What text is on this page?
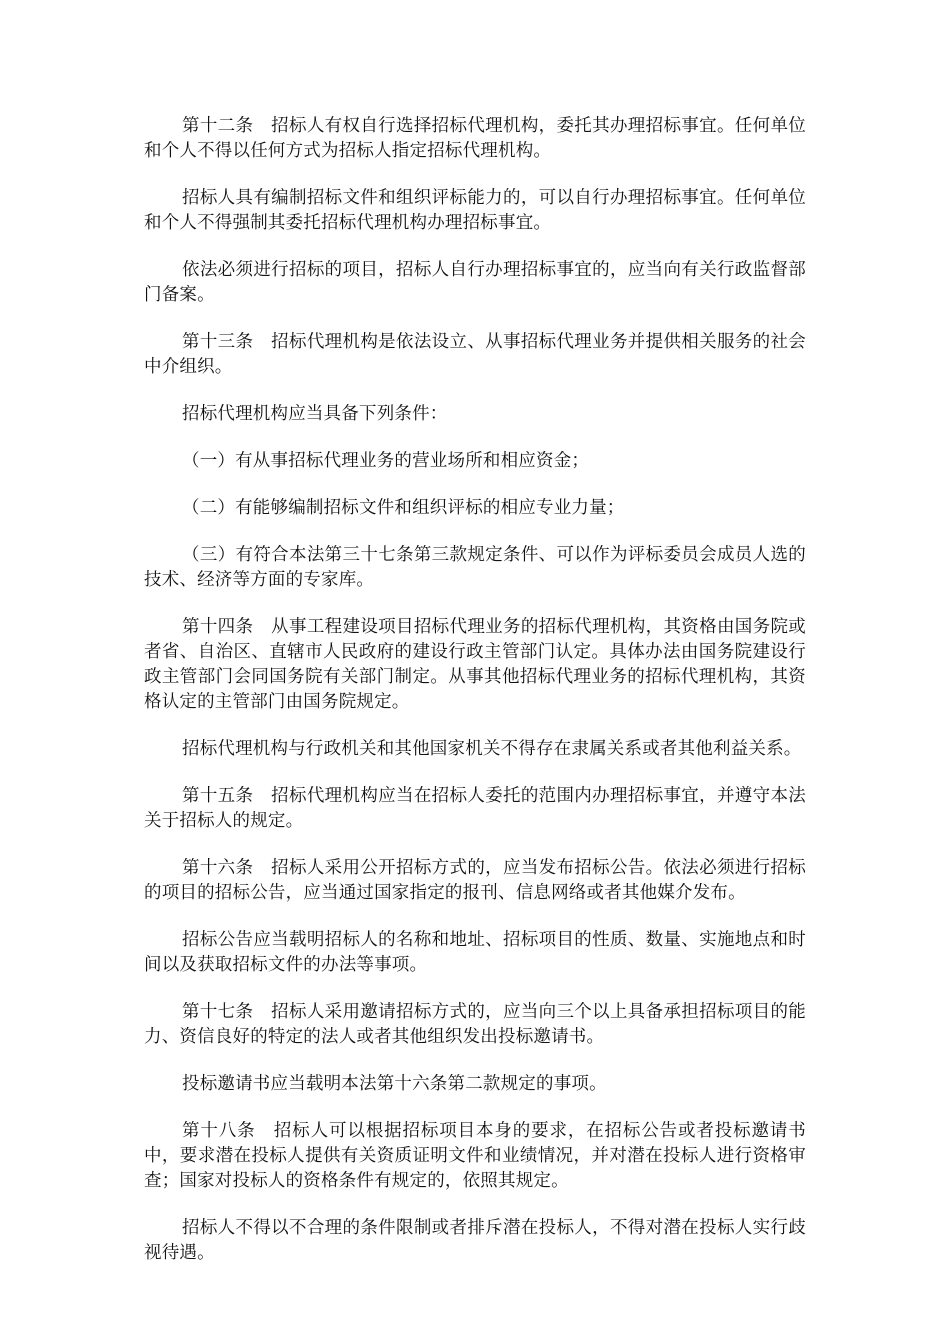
第十二条　招标人有权自行选择招标代理机构，委托其办理招标事宜。任何单位和个人不得以任何方式为招标人指定招标代理机构。

招标人具有编制招标文件和组织评标能力的，可以自行办理招标事宜。任何单位和个人不得强制其委托招标代理机构办理招标事宜。

依法必须进行招标的项目，招标人自行办理招标事宜的，应当向有关行政监督部门备案。

第十三条　招标代理机构是依法设立、从事招标代理业务并提供相关服务的社会中介组织。

招标代理机构应当具备下列条件：

（一）有从事招标代理业务的营业场所和相应资金；

（二）有能够编制招标文件和组织评标的相应专业力量；

（三）有符合本法第三十七条第三款规定条件、可以作为评标委员会成员人选的技术、经济等方面的专家库。

第十四条　从事工程建设项目招标代理业务的招标代理机构，其资格由国务院或者省、自治区、直辖市人民政府的建设行政主管部门认定。具体办法由国务院建设行政主管部门会同国务院有关部门制定。从事其他招标代理业务的招标代理机构，其资格认定的主管部门由国务院规定。

招标代理机构与行政机关和其他国家机关不得存在隶属关系或者其他利益关系。

第十五条　招标代理机构应当在招标人委托的范围内办理招标事宜，并遵守本法关于招标人的规定。

第十六条　招标人采用公开招标方式的，应当发布招标公告。依法必须进行招标的项目的招标公告，应当通过国家指定的报刊、信息网络或者其他媒介发布。

招标公告应当载明招标人的名称和地址、招标项目的性质、数量、实施地点和时间以及获取招标文件的办法等事项。

第十七条　招标人采用邀请招标方式的，应当向三个以上具备承担招标项目的能力、资信良好的特定的法人或者其他组织发出投标邀请书。

投标邀请书应当载明本法第十六条第二款规定的事项。

第十八条　招标人可以根据招标项目本身的要求，在招标公告或者投标邀请书中，要求潜在投标人提供有关资质证明文件和业绩情况，并对潜在投标人进行资格审查；国家对投标人的资格条件有规定的，依照其规定。

招标人不得以不合理的条件限制或者排斥潜在投标人，不得对潜在投标人实行歧视待遇。
